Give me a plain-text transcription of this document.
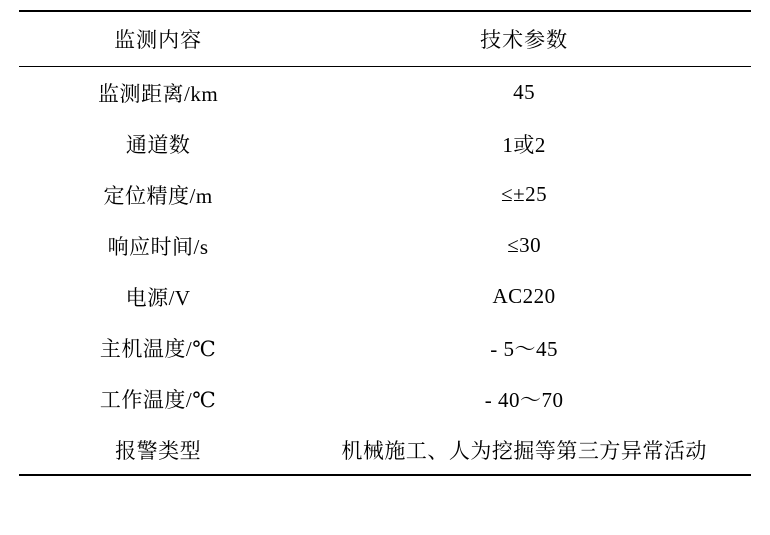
监测内容	技术参数
监测距离/km	45
通道数	1或2
定位精度/m	≤±25
响应时间/s	≤30
电源/V	AC220
主机温度/℃	- 5～45
工作温度/℃	- 40～70
报警类型	机械施工、人为挖掘等第三方异常活动
